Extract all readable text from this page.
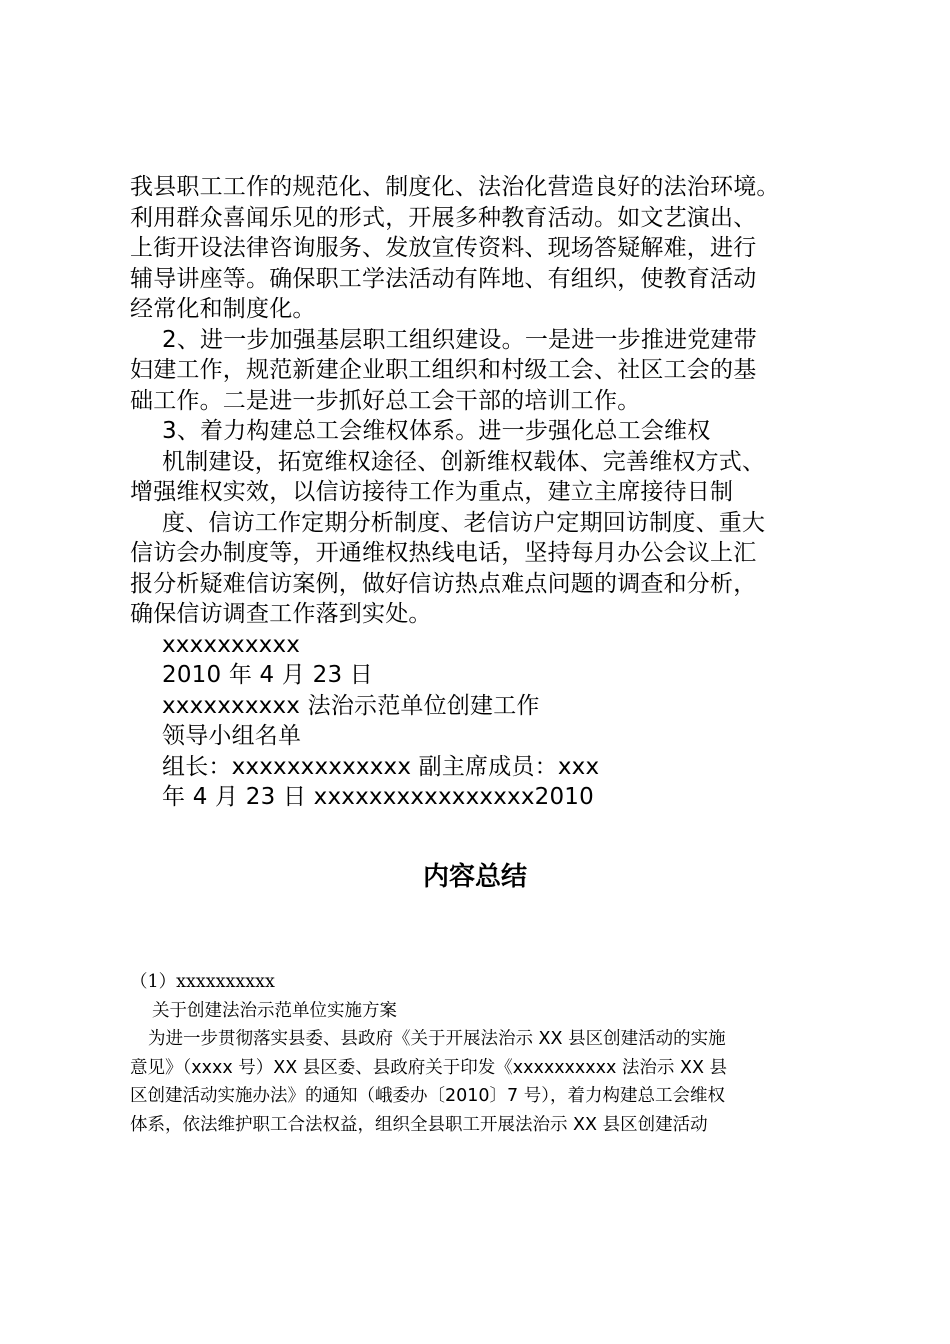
我县职工工作的规范化、制度化、法治化营造良好的法治环境。

利用群众喜闻乐见的形式，开展多种教育活动。如文艺演出、

上街开设法律咨询服务、发放宣传资料、现场答疑解难，进行

辅导讲座等。确保职工学法活动有阵地、有组织，使教育活动

经常化和制度化。

2、进一步加强基层职工组织建设。一是进一步推进党建带

妇建工作，规范新建企业职工组织和村级工会、社区工会的基

础工作。二是进一步抓好总工会干部的培训工作。

3、着力构建总工会维权体系。进一步强化总工会维权

机制建设，拓宽维权途径、创新维权载体、完善维权方式、

增强维权实效，以信访接待工作为重点，建立主席接待日制

度、信访工作定期分析制度、老信访户定期回访制度、重大

信访会办制度等，开通维权热线电话，坚持每月办公会议上汇

报分析疑难信访案例，做好信访热点难点问题的调查和分析，

确保信访调查工作落到实处。

xxxxxxxxxx

2010 年 4 月 23 日

xxxxxxxxxx 法治示范单位创建工作

领导小组名单

组长：xxxxxxxxxxxxx 副主席成员：xxx

年 4 月 23 日 xxxxxxxxxxxxxxxx2010

内容总结

（1）xxxxxxxxxx

关于创建法治示范单位实施方案

为进一步贯彻落实县委、县政府《关于开展法治示 XX 县区创建活动的实施

意见》（xxxx 号）XX 县区委、县政府关于印发《xxxxxxxxxx 法治示 XX 县

区创建活动实施办法》的通知（峨委办〔2010〕7 号），着力构建总工会维权

体系，依法维护职工合法权益，组织全县职工开展法治示 XX 县区创建活动
